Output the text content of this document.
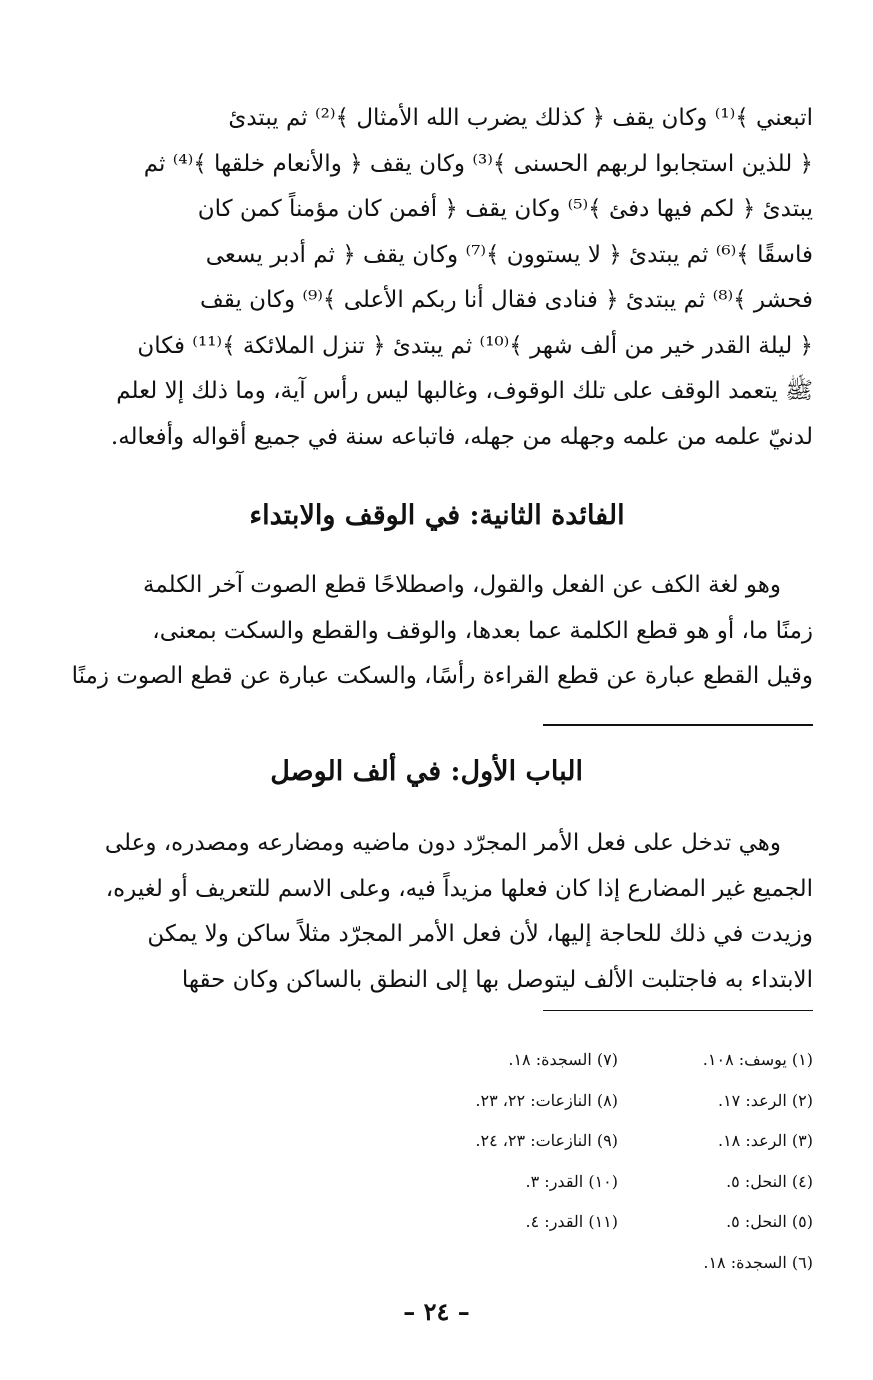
اتبعني ﴾⁽¹⁾ وكان يقف ﴿ كذلك يضرب الله الأمثال ﴾⁽²⁾ ثم يبتدئ
﴿ للذين استجابوا لربهم الحسنى ﴾⁽³⁾ وكان يقف ﴿ والأنعام خلقها ﴾⁽⁴⁾ ثم
يبتدئ ﴿ لكم فيها دفئ ﴾⁽⁵⁾ وكان يقف ﴿ أفمن كان مؤمناً كمن كان
فاسقًا ﴾⁽⁶⁾ ثم يبتدئ ﴿ لا يستوون ﴾⁽⁷⁾ وكان يقف ﴿ ثم أدبر يسعى
فحشر ﴾⁽⁸⁾ ثم يبتدئ ﴿ فنادى فقال أنا ربكم الأعلى ﴾⁽⁹⁾ وكان يقف
﴿ ليلة القدر خير من ألف شهر ﴾⁽¹⁰⁾ ثم يبتدئ ﴿ تنزل الملائكة ﴾⁽¹¹⁾ فكان
ﷺ يتعمد الوقف على تلك الوقوف، وغالبها ليس رأس آية، وما ذلك إلا لعلم
لدنيّ علمه من علمه وجهله من جهله، فاتباعه سنة في جميع أقواله وأفعاله.
الفائدة الثانية: في الوقف والابتداء
وهو لغة الكف عن الفعل والقول، واصطلاحًا قطع الصوت آخر الكلمة
زمنًا ما، أو هو قطع الكلمة عما بعدها، والوقف والقطع والسكت بمعنى،
وقيل القطع عبارة عن قطع القراءة رأسًا، والسكت عبارة عن قطع الصوت زمنًا
الباب الأول: في ألف الوصل
وهي تدخل على فعل الأمر المجرّد دون ماضيه ومضارعه ومصدره، وعلى
الجميع غير المضارع إذا كان فعلها مزيداً فيه، وعلى الاسم للتعريف أو لغيره،
وزيدت في ذلك للحاجة إليها، لأن فعل الأمر المجرّد مثلاً ساكن ولا يمكن
الابتداء به فاجتلبت الألف ليتوصل بها إلى النطق بالساكن وكان حقها
(١) يوسف: ١٠٨.
(٢) الرعد: ١٧.
(٣) الرعد: ١٨.
(٤) النحل: ٥.
(٥) النحل: ٥.
(٦) السجدة: ١٨.
(٧) السجدة: ١٨.
(٨) النازعات: ٢٢، ٢٣.
(٩) النازعات: ٢٣، ٢٤.
(١٠) القدر: ٣.
(١١) القدر: ٤.
– ٢٤ –
